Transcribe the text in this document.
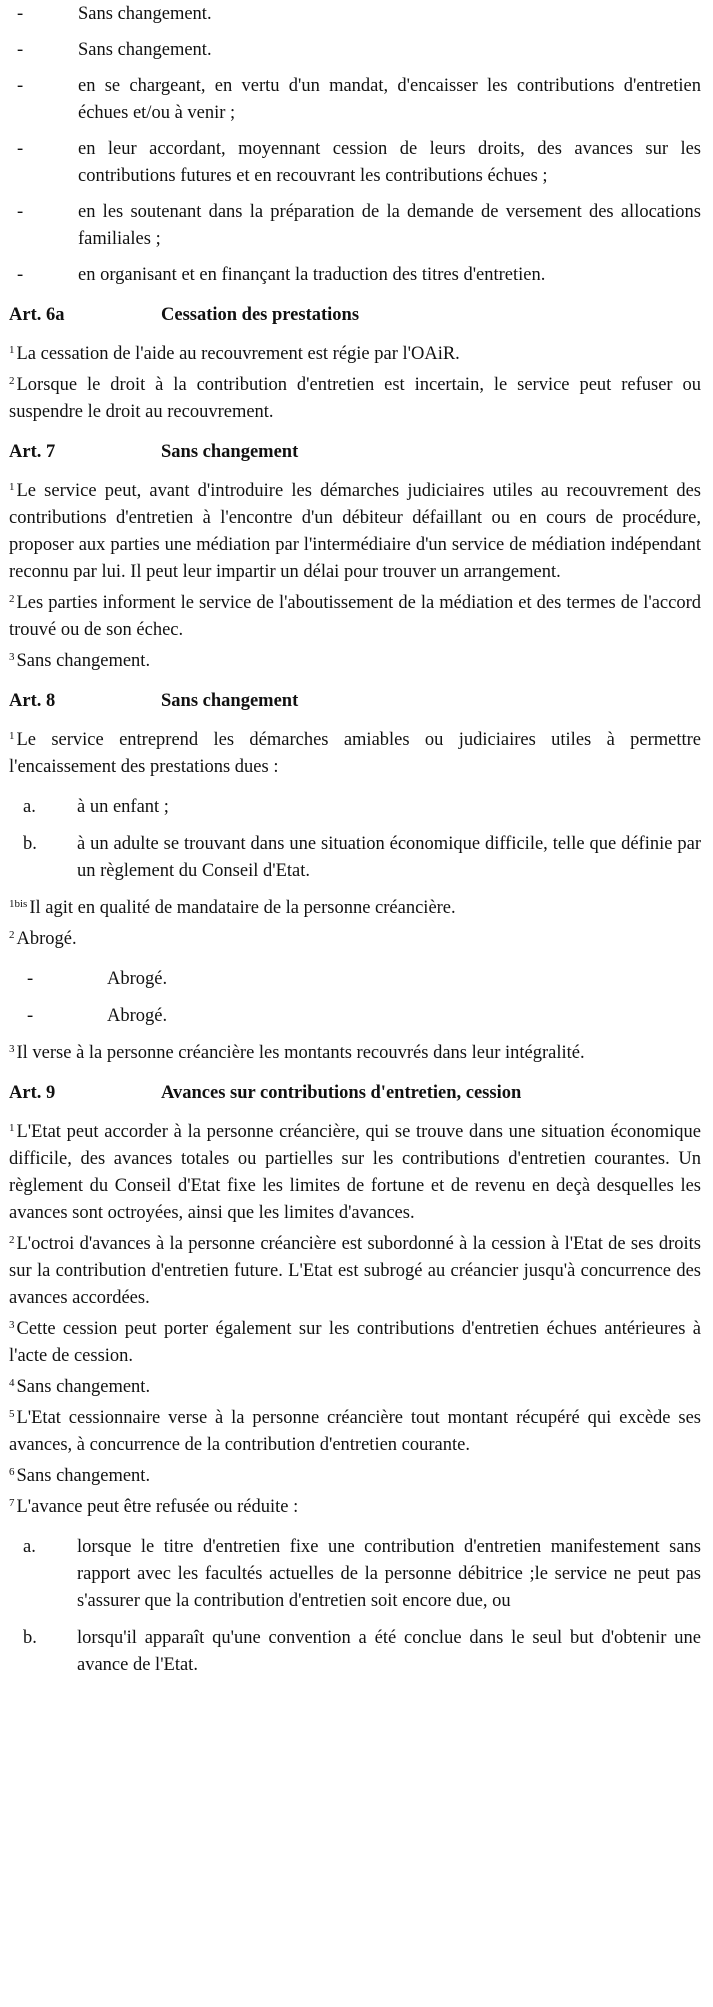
-	Sans changement.
-	Sans changement.
-	en se chargeant, en vertu d'un mandat, d'encaisser les contributions d'entretien échues et/ou à venir ;
-	en leur accordant, moyennant cession de leurs droits, des avances sur les contributions futures et en recouvrant les contributions échues ;
-	en les soutenant dans la préparation de la demande de versement des allocations familiales ;
-	en organisant et en finançant la traduction des titres d'entretien.
Art. 6a	Cessation des prestations
$^1$ La cessation de l'aide au recouvrement est régie par l'OAiR.
$^2$ Lorsque le droit à la contribution d'entretien est incertain, le service peut refuser ou suspendre le droit au recouvrement.
Art. 7	Sans changement
$^1$ Le service peut, avant d'introduire les démarches judiciaires utiles au recouvrement des contributions d'entretien à l'encontre d'un débiteur défaillant ou en cours de procédure, proposer aux parties une médiation par l'intermédiaire d'un service de médiation indépendant reconnu par lui. Il peut leur impartir un délai pour trouver un arrangement.
$^2$ Les parties informent le service de l'aboutissement de la médiation et des termes de l'accord trouvé ou de son échec.
$^3$ Sans changement.
Art. 8	Sans changement
$^1$ Le service entreprend les démarches amiables ou judiciaires utiles à permettre l'encaissement des prestations dues :
a. à un enfant ;
b. à un adulte se trouvant dans une situation économique difficile, telle que définie par un règlement du Conseil d'Etat.
$^{1bis}$ Il agit en qualité de mandataire de la personne créancière.
$^2$ Abrogé.
-	Abrogé.
-	Abrogé.
$^3$ Il verse à la personne créancière les montants recouvrés dans leur intégralité.
Art. 9	Avances sur contributions d'entretien, cession
$^1$ L'Etat peut accorder à la personne créancière, qui se trouve dans une situation économique difficile, des avances totales ou partielles sur les contributions d'entretien courantes. Un règlement du Conseil d'Etat fixe les limites de fortune et de revenu en deçà desquelles les avances sont octroyées, ainsi que les limites d'avances.
$^2$ L'octroi d'avances à la personne créancière est subordonné à la cession à l'Etat de ses droits sur la contribution d'entretien future. L'Etat est subrogé au créancier jusqu'à concurrence des avances accordées.
$^3$ Cette cession peut porter également sur les contributions d'entretien échues antérieures à l'acte de cession.
$^4$ Sans changement.
$^5$ L'Etat cessionnaire verse à la personne créancière tout montant récupéré qui excède ses avances, à concurrence de la contribution d'entretien courante.
$^6$ Sans changement.
$^7$ L'avance peut être refusée ou réduite :
a. lorsque le titre d'entretien fixe une contribution d'entretien manifestement sans rapport avec les facultés actuelles de la personne débitrice ;le service ne peut pas s'assurer que la contribution d'entretien soit encore due, ou
b. lorsqu'il apparaît qu'une convention a été conclue dans le seul but d'obtenir une avance de l'Etat.
